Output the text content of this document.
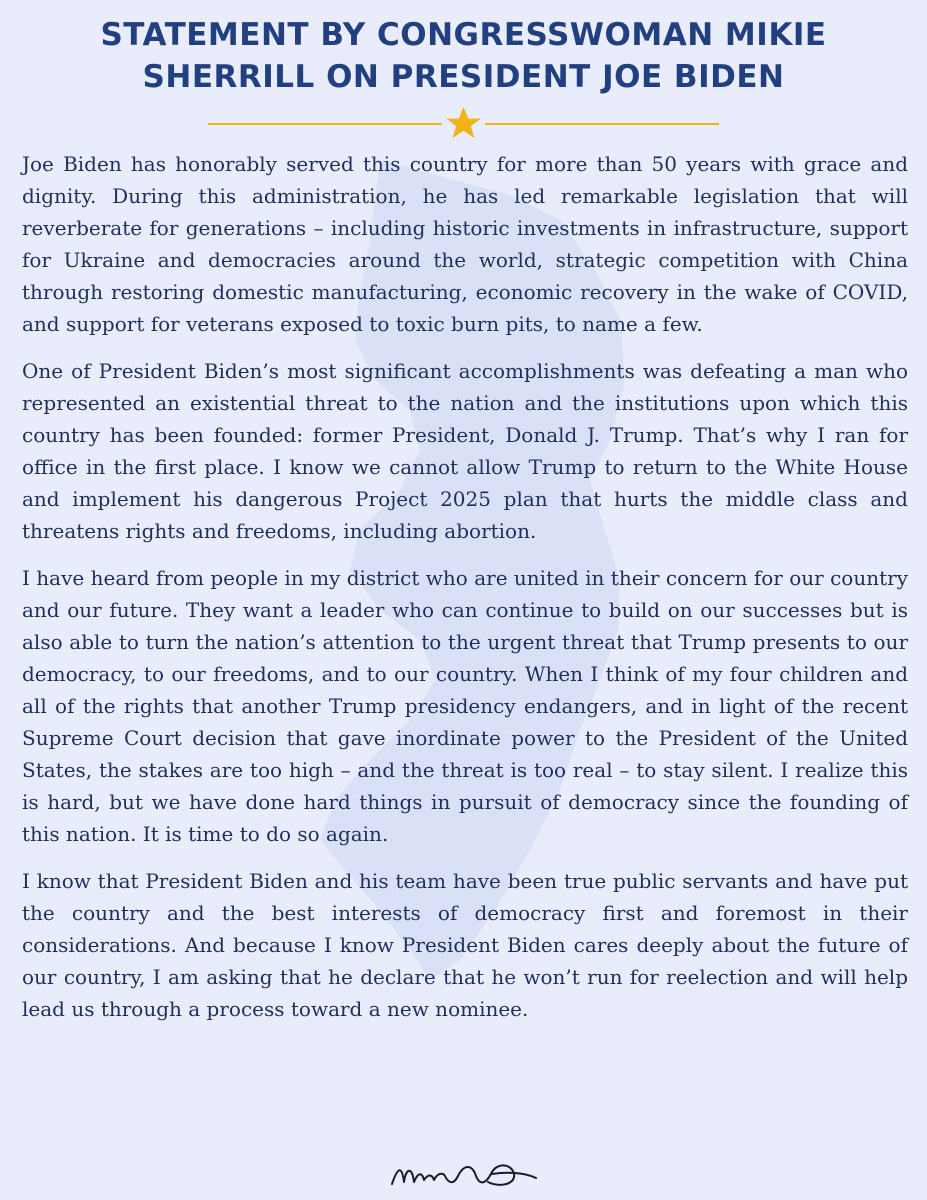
STATEMENT BY CONGRESSWOMAN MIKIE
SHERRILL ON PRESIDENT JOE BIDEN

Joe Biden has honorably served this country for more than 50 years with grace and dignity. During this administration, he has led remarkable legislation that will reverberate for generations – including historic investments in infrastructure, support for Ukraine and democracies around the world, strategic competition with China through restoring domestic manufacturing, economic recovery in the wake of COVID, and support for veterans exposed to toxic burn pits, to name a few.

One of President Biden’s most significant accomplishments was defeating a man who represented an existential threat to the nation and the institutions upon which this country has been founded: former President, Donald J. Trump. That’s why I ran for office in the first place. I know we cannot allow Trump to return to the White House and implement his dangerous Project 2025 plan that hurts the middle class and threatens rights and freedoms, including abortion.

I have heard from people in my district who are united in their concern for our country and our future. They want a leader who can continue to build on our successes but is also able to turn the nation’s attention to the urgent threat that Trump presents to our democracy, to our freedoms, and to our country. When I think of my four children and all of the rights that another Trump presidency endangers, and in light of the recent Supreme Court decision that gave inordinate power to the President of the United States, the stakes are too high – and the threat is too real – to stay silent. I realize this is hard, but we have done hard things in pursuit of democracy since the founding of this nation. It is time to do so again.

I know that President Biden and his team have been true public servants and have put the country and the best interests of democracy first and foremost in their considerations. And because I know President Biden cares deeply about the future of our country, I am asking that he declare that he won’t run for reelection and will help lead us through a process toward a new nominee.
